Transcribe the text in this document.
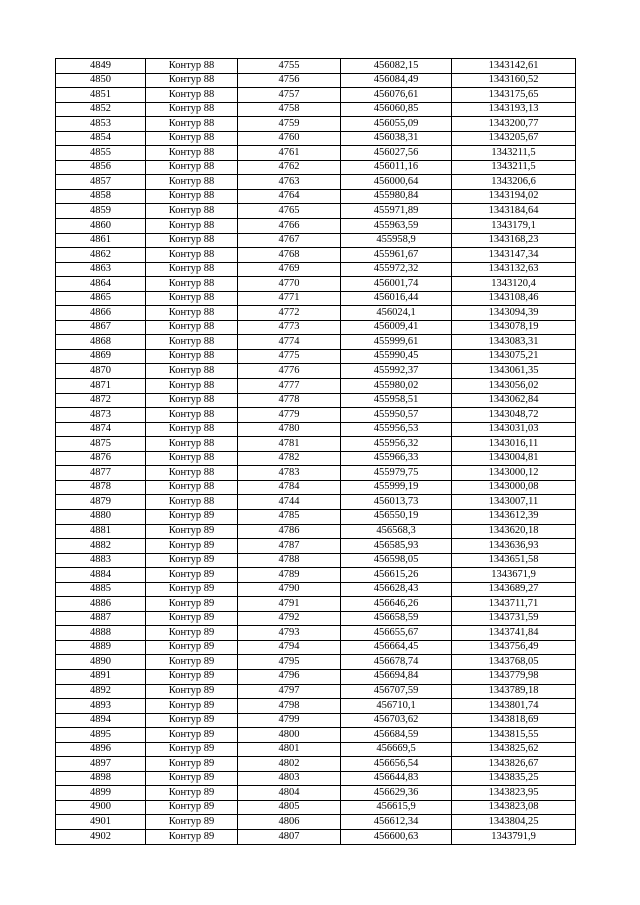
4849	Контур 88	4755	456082,15	1343142,61
4850	Контур 88	4756	456084,49	1343160,52
4851	Контур 88	4757	456076,61	1343175,65
4852	Контур 88	4758	456060,85	1343193,13
4853	Контур 88	4759	456055,09	1343200,77
4854	Контур 88	4760	456038,31	1343205,67
4855	Контур 88	4761	456027,56	1343211,5
4856	Контур 88	4762	456011,16	1343211,5
4857	Контур 88	4763	456000,64	1343206,6
4858	Контур 88	4764	455980,84	1343194,02
4859	Контур 88	4765	455971,89	1343184,64
4860	Контур 88	4766	455963,59	1343179,1
4861	Контур 88	4767	455958,9	1343168,23
4862	Контур 88	4768	455961,67	1343147,34
4863	Контур 88	4769	455972,32	1343132,63
4864	Контур 88	4770	456001,74	1343120,4
4865	Контур 88	4771	456016,44	1343108,46
4866	Контур 88	4772	456024,1	1343094,39
4867	Контур 88	4773	456009,41	1343078,19
4868	Контур 88	4774	455999,61	1343083,31
4869	Контур 88	4775	455990,45	1343075,21
4870	Контур 88	4776	455992,37	1343061,35
4871	Контур 88	4777	455980,02	1343056,02
4872	Контур 88	4778	455958,51	1343062,84
4873	Контур 88	4779	455950,57	1343048,72
4874	Контур 88	4780	455956,53	1343031,03
4875	Контур 88	4781	455956,32	1343016,11
4876	Контур 88	4782	455966,33	1343004,81
4877	Контур 88	4783	455979,75	1343000,12
4878	Контур 88	4784	455999,19	1343000,08
4879	Контур 88	4744	456013,73	1343007,11
4880	Контур 89	4785	456550,19	1343612,39
4881	Контур 89	4786	456568,3	1343620,18
4882	Контур 89	4787	456585,93	1343636,93
4883	Контур 89	4788	456598,05	1343651,58
4884	Контур 89	4789	456615,26	1343671,9
4885	Контур 89	4790	456628,43	1343689,27
4886	Контур 89	4791	456646,26	1343711,71
4887	Контур 89	4792	456658,59	1343731,59
4888	Контур 89	4793	456655,67	1343741,84
4889	Контур 89	4794	456664,45	1343756,49
4890	Контур 89	4795	456678,74	1343768,05
4891	Контур 89	4796	456694,84	1343779,98
4892	Контур 89	4797	456707,59	1343789,18
4893	Контур 89	4798	456710,1	1343801,74
4894	Контур 89	4799	456703,62	1343818,69
4895	Контур 89	4800	456684,59	1343815,55
4896	Контур 89	4801	456669,5	1343825,62
4897	Контур 89	4802	456656,54	1343826,67
4898	Контур 89	4803	456644,83	1343835,25
4899	Контур 89	4804	456629,36	1343823,95
4900	Контур 89	4805	456615,9	1343823,08
4901	Контур 89	4806	456612,34	1343804,25
4902	Контур 89	4807	456600,63	1343791,9
